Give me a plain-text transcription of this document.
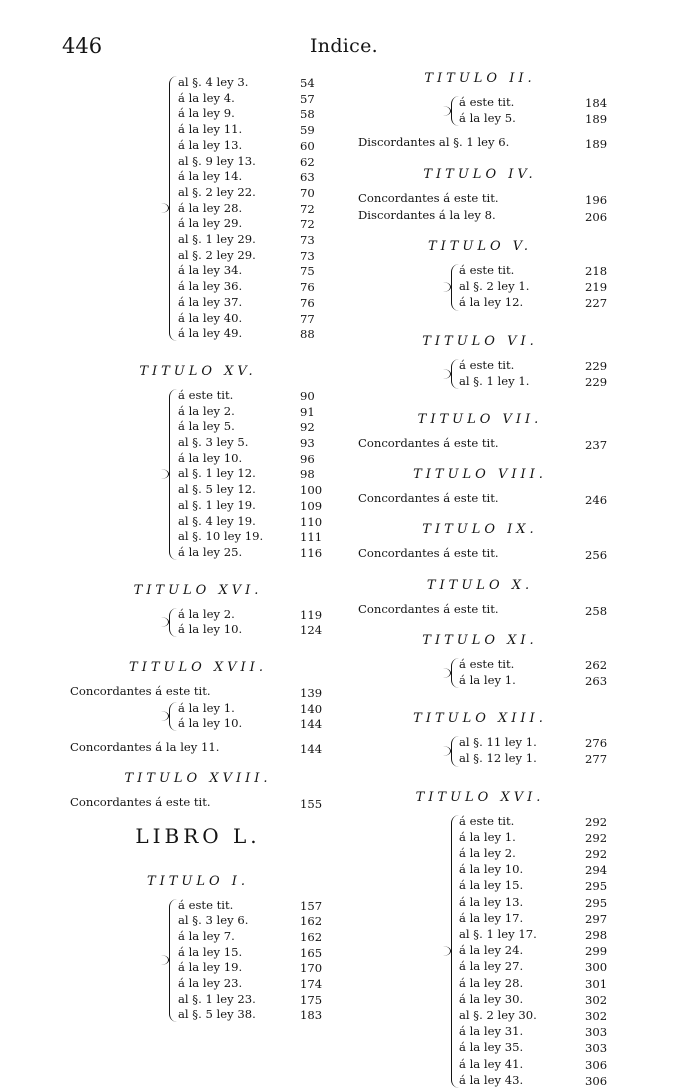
446	Indice.
al §. 4 ley 3.	54
á la ley 4.	57
á la ley 9.	58
á la ley 11.	59
á la ley 13.	60
al §. 9 ley 13.	62
á la ley 14.	63
al §. 2 ley 22.	70
á la ley 28.	72
á la ley 29.	72
al §. 1 ley 29.	73
al §. 2 ley 29.	73
á la ley 34.	75
á la ley 36.	76
á la ley 37.	76
á la ley 40.	77
á la ley 49.	88
TITULO XV.
á este tit.	90
á la ley 2.	91
á la ley 5.	92
al §. 3 ley 5.	93
á la ley 10.	96
al §. 1 ley 12.	98
al §. 5 ley 12.	100
al §. 1 ley 19.	109
al §. 4 ley 19.	110
al §. 10 ley 19.	111
á la ley 25.	116
TITULO XVI.
á la ley 2.	119
á la ley 10.	124
TITULO XVII.
Concordantes á este tit.	139
á la ley 1.	140
á la ley 10.	144
Concordantes á la ley 11.	144
TITULO XVIII.
Concordantes á este tit.	155
LIBRO L.
TITULO I.
á este tit.	157
al §. 3 ley 6.	162
á la ley 7.	162
á la ley 15.	165
á la ley 19.	170
á la ley 23.	174
al §. 1 ley 23.	175
al §. 5 ley 38.	183
TITULO II.
á este tit.	184
á la ley 5.	189
Discordantes al §. 1 ley 6.	189
TITULO IV.
Concordantes á este tit.	196
Discordantes á la ley 8.	206
TITULO V.
á este tit.	218
al §. 2 ley 1.	219
á la ley 12.	227
TITULO VI.
á este tit.	229
al §. 1 ley 1.	229
TITULO VII.
Concordantes á este tit.	237
TITULO VIII.
Concordantes á este tit.	246
TITULO IX.
Concordantes á este tit.	256
TITULO X.
Concordantes á este tit.	258
TITULO XI.
á este tit.	262
á la ley 1.	263
TITULO XIII.
al §. 11 ley 1.	276
al §. 12 ley 1.	277
TITULO XVI.
á este tit.	292
á la ley 1.	292
á la ley 2.	292
á la ley 10.	294
á la ley 15.	295
á la ley 13.	295
á la ley 17.	297
al §. 1 ley 17.	298
á la ley 24.	299
á la ley 27.	300
á la ley 28.	301
á la ley 30.	302
al §. 2 ley 30.	302
á la ley 31.	303
á la ley 35.	303
á la ley 41.	306
á la ley 43.	306
